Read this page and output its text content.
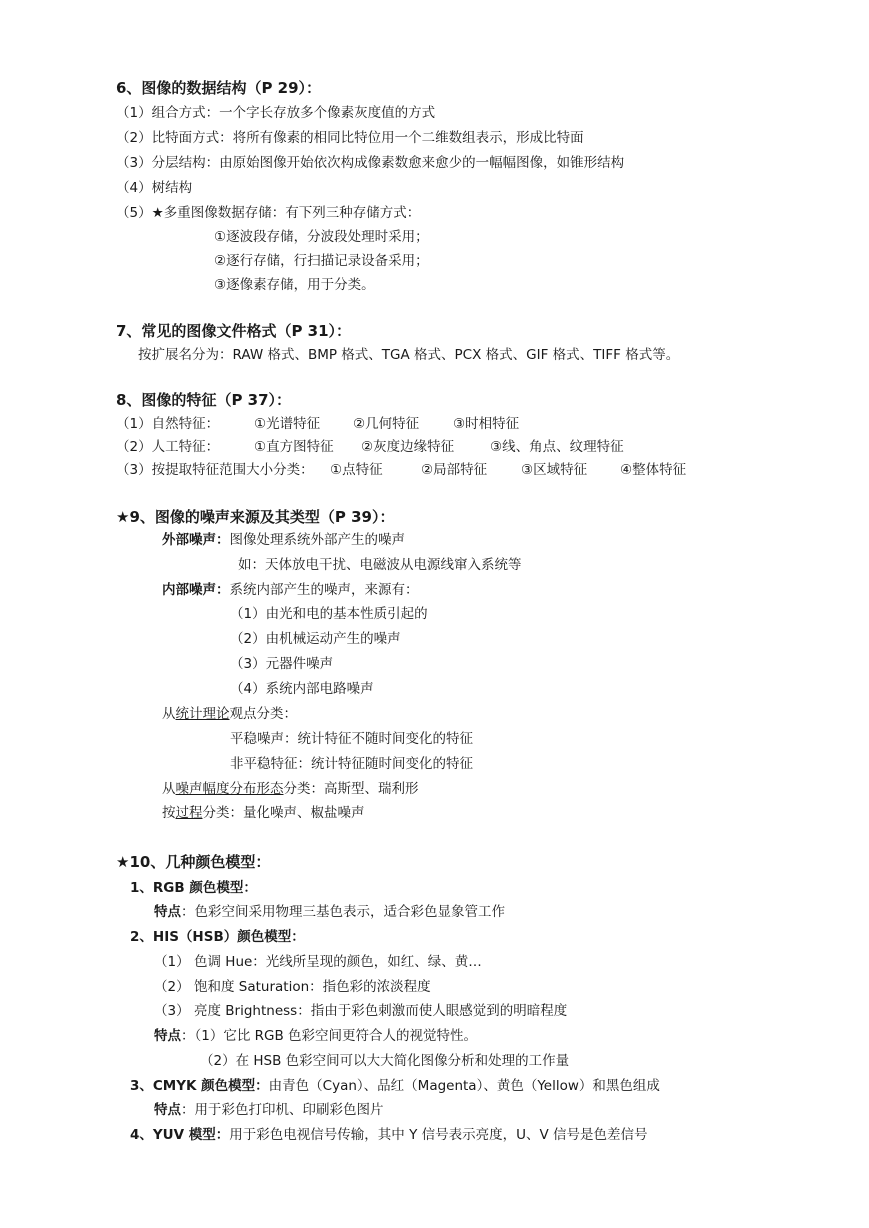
6、图像的数据结构（P 29）：
（1）组合方式：一个字长存放多个像素灰度值的方式
（2）比特面方式：将所有像素的相同比特位用一个二维数组表示，形成比特面
（3）分层结构：由原始图像开始依次构成像素数愈来愈少的一幅幅图像，如锥形结构
（4）树结构
（5）★多重图像数据存储：有下列三种存储方式：
①逐波段存储，分波段处理时采用；
②逐行存储，行扫描记录设备采用；
③逐像素存储，用于分类。
7、常见的图像文件格式（P 31）：
按扩展名分为：RAW 格式、BMP 格式、TGA 格式、PCX 格式、GIF 格式、TIFF 格式等。
8、图像的特征（P 37）：
（1）自然特征：	①光谱特征 ②几何特征	③时相特征
（2）人工特征：	①直方图特征 ②灰度边缘特征	③线、角点、纹理特征
（3）按提取特征范围大小分类： ①点特征	②局部特征	③区域特征 ④整体特征
★9、图像的噪声来源及其类型（P 39）：
外部噪声：图像处理系统外部产生的噪声
如：天体放电干扰、电磁波从电源线窜入系统等
内部噪声：系统内部产生的噪声，来源有：
（1）由光和电的基本性质引起的
（2）由机械运动产生的噪声
（3）元器件噪声
（4）系统内部电路噪声
从统计理论观点分类：
平稳噪声：统计特征不随时间变化的特征
非平稳特征：统计特征随时间变化的特征
从噪声幅度分布形态分类：高斯型、瑞利形
按过程分类：量化噪声、椒盐噪声
★10、几种颜色模型：
1、RGB 颜色模型：
特点：色彩空间采用物理三基色表示，适合彩色显象管工作
2、HIS（HSB）颜色模型：
（1） 色调 Hue：光线所呈现的颜色，如红、绿、黄…
（2） 饱和度 Saturation：指色彩的浓淡程度
（3） 亮度 Brightness：指由于彩色刺激而使人眼感觉到的明暗程度
特点：（1）它比 RGB 色彩空间更符合人的视觉特性。
（2）在 HSB 色彩空间可以大大简化图像分析和处理的工作量
3、CMYK 颜色模型：由青色（Cyan）、品红（Magenta）、黄色（Yellow）和黑色组成
特点：用于彩色打印机、印刷彩色图片
4、YUV 模型：用于彩色电视信号传输，其中 Y 信号表示亮度，U、V 信号是色差信号
